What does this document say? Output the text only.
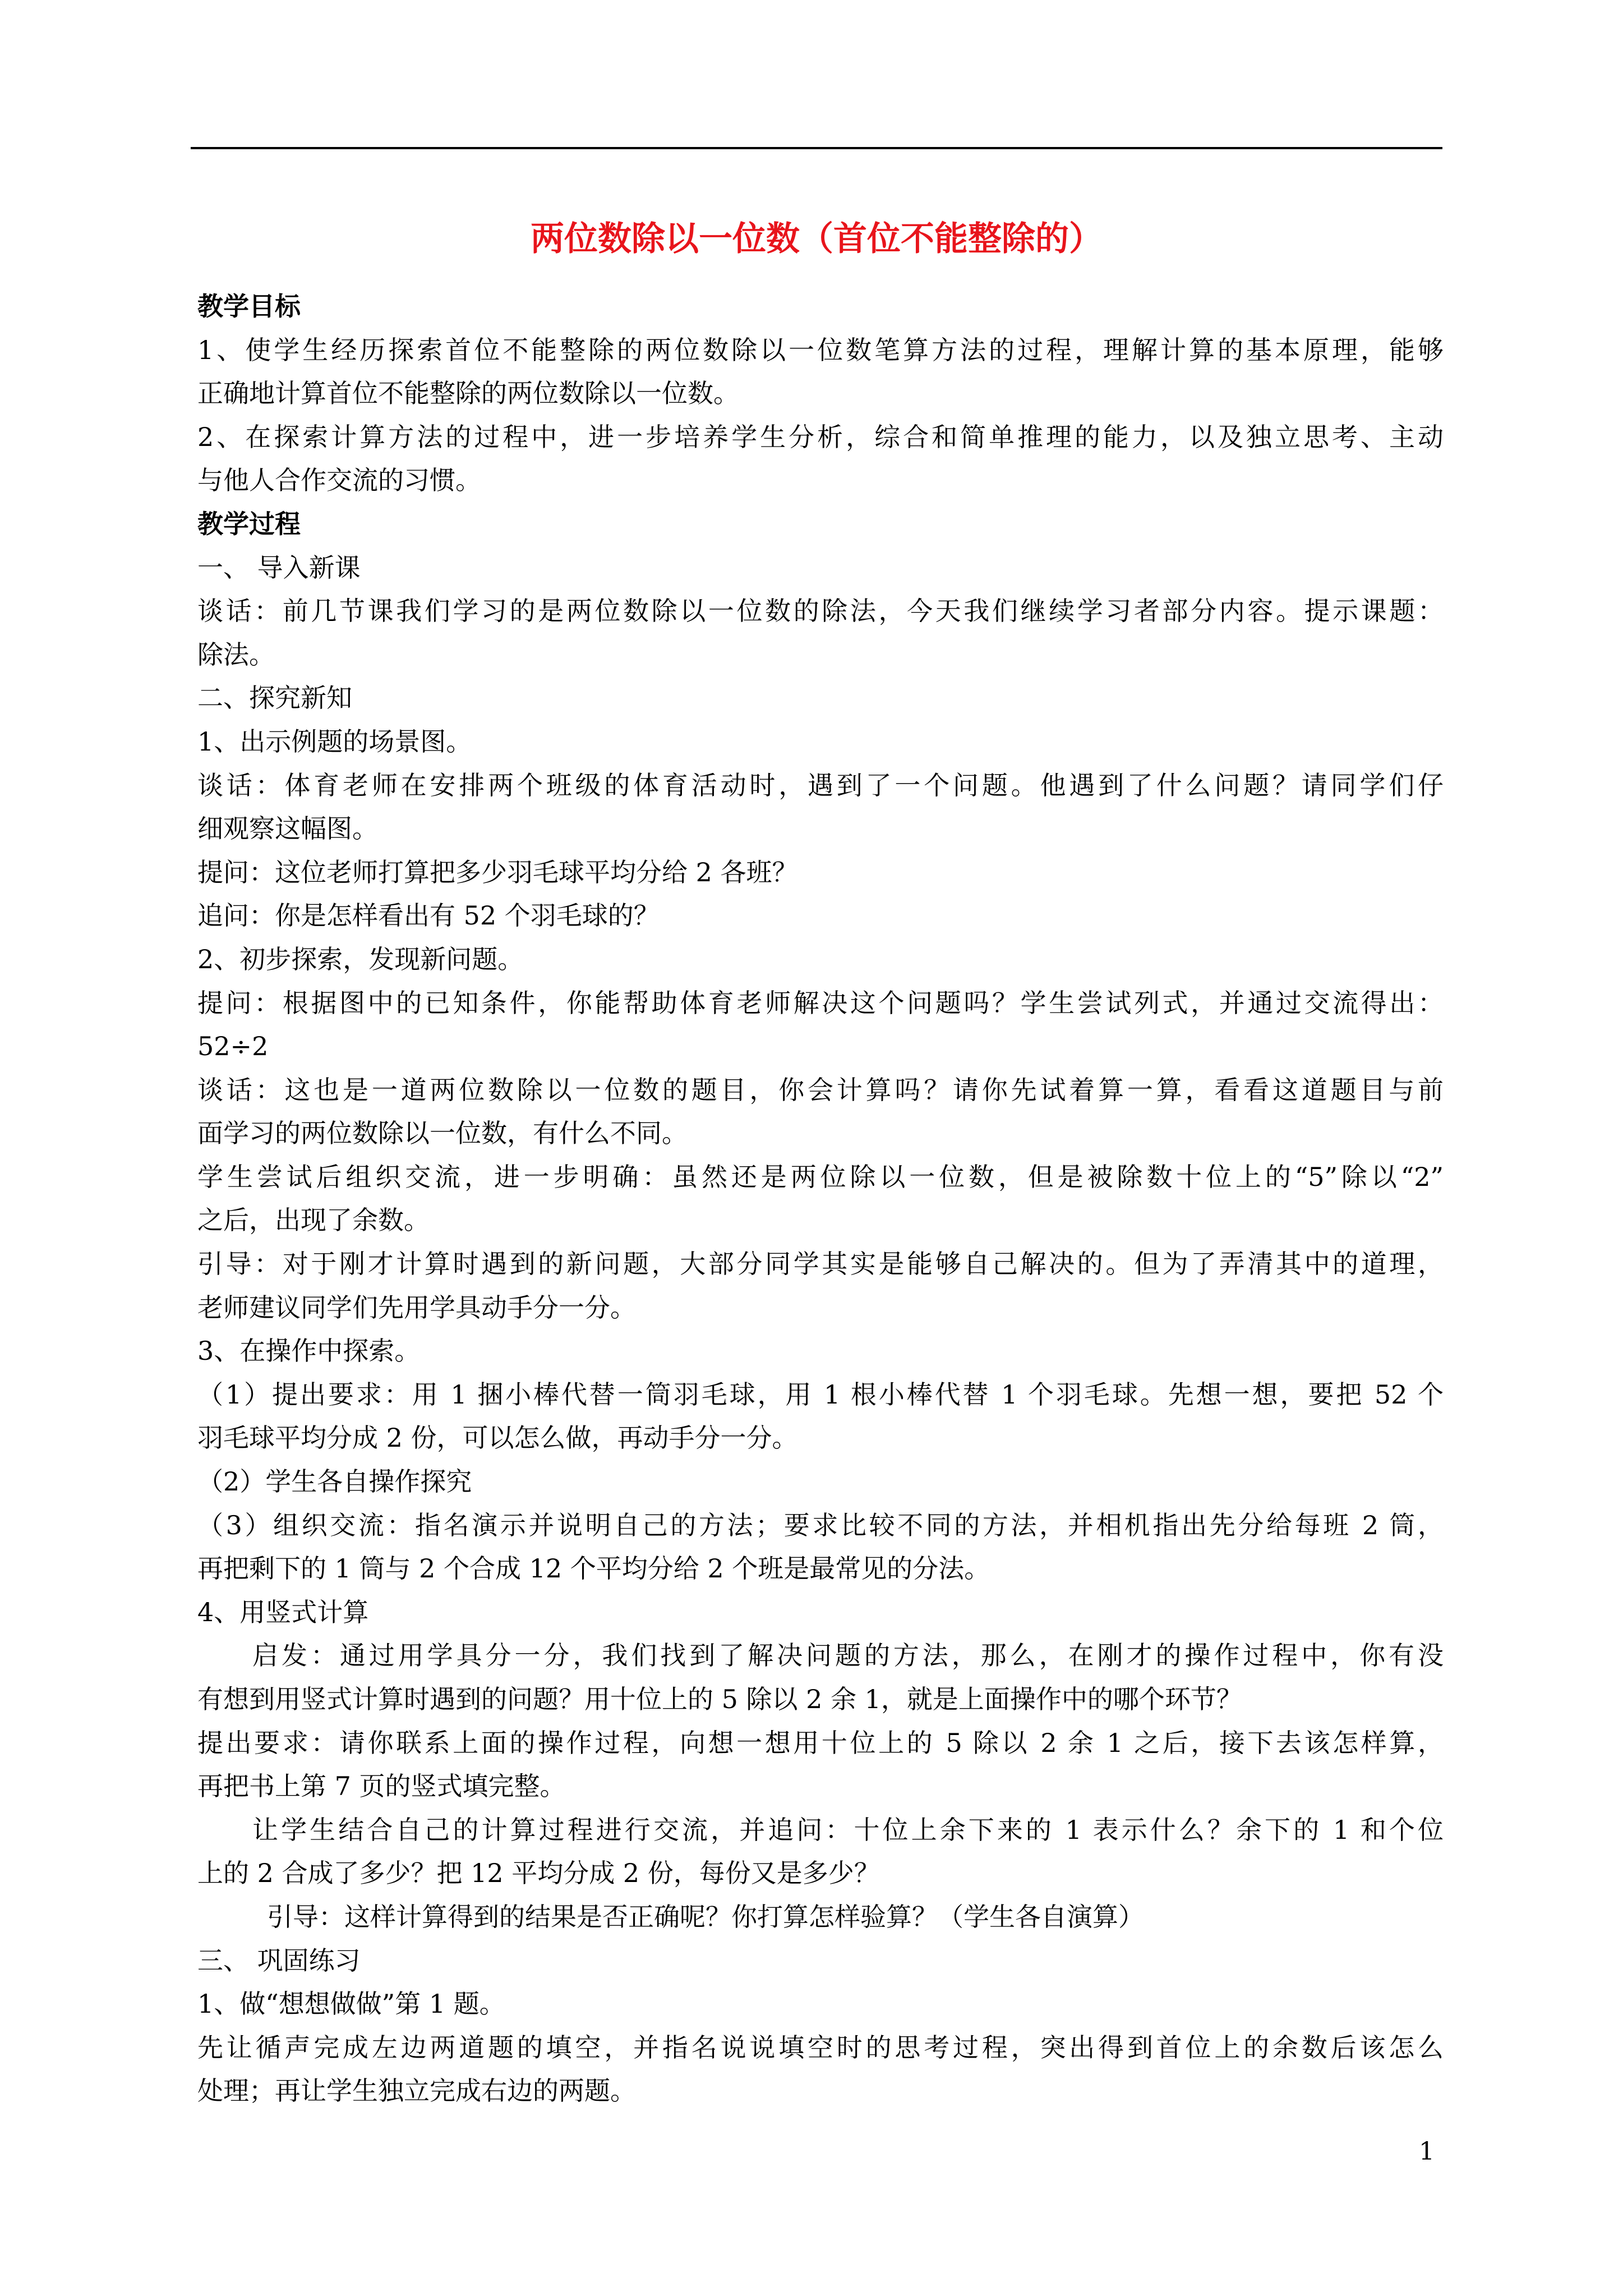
两位数除以一位数（首位不能整除的）
教学目标
1、使学生经历探索首位不能整除的两位数除以一位数笔算方法的过程，理解计算的基本原理，能够
正确地计算首位不能整除的两位数除以一位数。
2、在探索计算方法的过程中，进一步培养学生分析，综合和简单推理的能力，以及独立思考、主动
与他人合作交流的习惯。
教学过程
一、 导入新课
谈话：前几节课我们学习的是两位数除以一位数的除法，今天我们继续学习者部分内容。提示课题：
除法。
二、探究新知
1、出示例题的场景图。
谈话：体育老师在安排两个班级的体育活动时，遇到了一个问题。他遇到了什么问题？请同学们仔
细观察这幅图。
提问：这位老师打算把多少羽毛球平均分给 2 各班？
追问：你是怎样看出有 52 个羽毛球的？
2、初步探索，发现新问题。
提问：根据图中的已知条件，你能帮助体育老师解决这个问题吗？学生尝试列式，并通过交流得出：
52÷2
谈话：这也是一道两位数除以一位数的题目，你会计算吗？请你先试着算一算，看看这道题目与前
面学习的两位数除以一位数，有什么不同。
学生尝试后组织交流，进一步明确：虽然还是两位除以一位数，但是被除数十位上的“5”除以“2”
之后，出现了余数。
引导：对于刚才计算时遇到的新问题，大部分同学其实是能够自己解决的。但为了弄清其中的道理，
老师建议同学们先用学具动手分一分。
3、在操作中探索。
（1）提出要求：用 1 捆小棒代替一筒羽毛球，用 1 根小棒代替 1 个羽毛球。先想一想，要把 52 个
羽毛球平均分成 2 份，可以怎么做，再动手分一分。
（2）学生各自操作探究
（3）组织交流：指名演示并说明自己的方法；要求比较不同的方法，并相机指出先分给每班 2 筒，
再把剩下的 1 筒与 2 个合成 12 个平均分给 2 个班是最常见的分法。
4、用竖式计算
启发：通过用学具分一分，我们找到了解决问题的方法，那么，在刚才的操作过程中，你有没
有想到用竖式计算时遇到的问题？用十位上的 5 除以 2 余 1，就是上面操作中的哪个环节？
提出要求：请你联系上面的操作过程，向想一想用十位上的 5 除以 2 余 1 之后，接下去该怎样算，
再把书上第 7 页的竖式填完整。
让学生结合自己的计算过程进行交流，并追问：十位上余下来的 1 表示什么？余下的 1 和个位
上的 2 合成了多少？把 12 平均分成 2 份，每份又是多少？
引导：这样计算得到的结果是否正确呢？你打算怎样验算？（学生各自演算）
三、 巩固练习
1、做“想想做做”第 1 题。
先让循声完成左边两道题的填空，并指名说说填空时的思考过程，突出得到首位上的余数后该怎么
处理；再让学生独立完成右边的两题。
1
